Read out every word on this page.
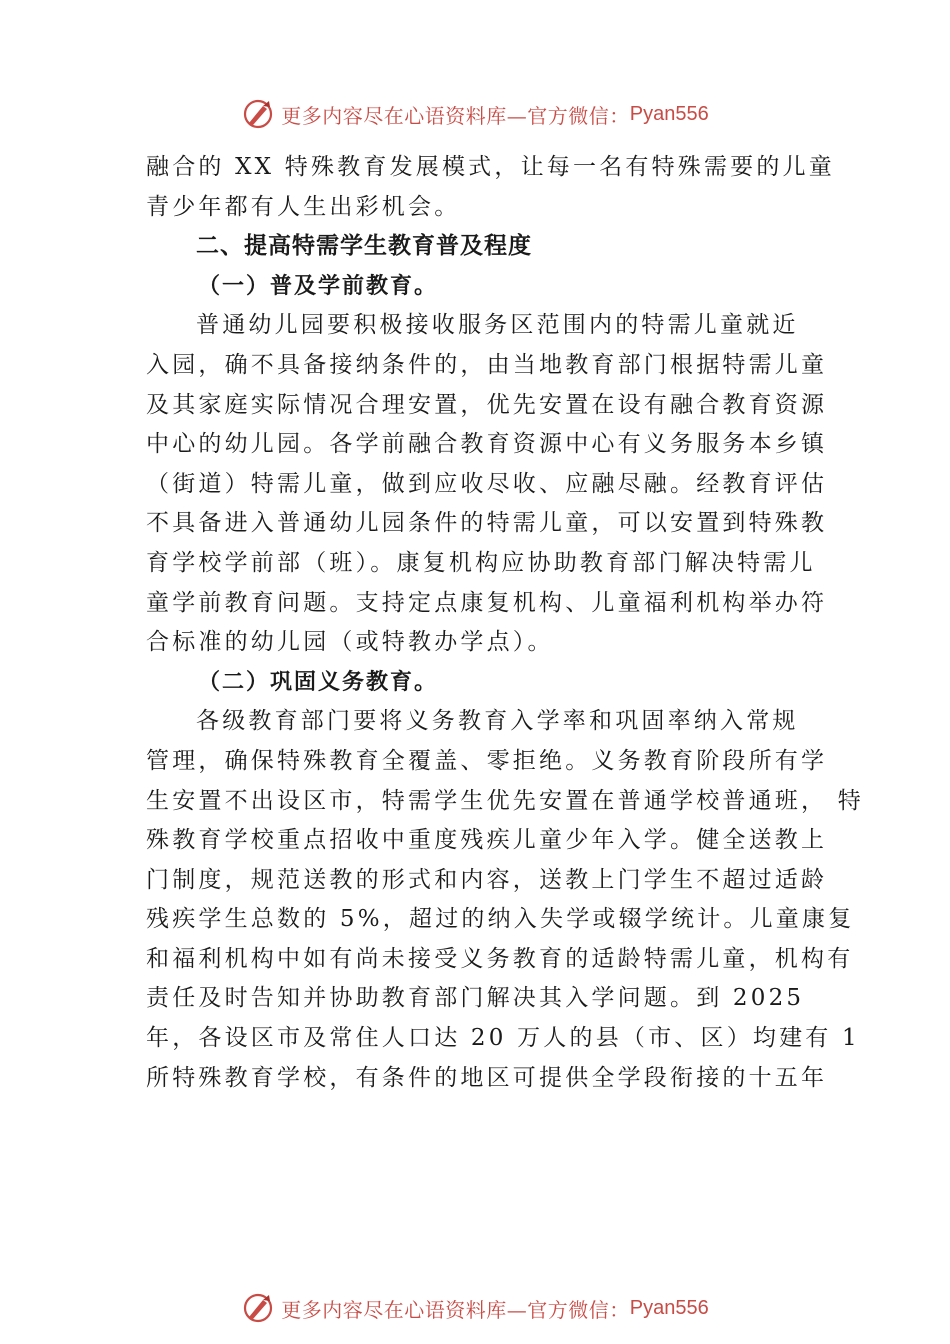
更多内容尽在心语资料库—官方微信： Pyan556
融合的 XX 特殊教育发展模式，让每一名有特殊需要的儿童
青少年都有人生出彩机会。
二、提高特需学生教育普及程度
（一）普及学前教育。
普通幼儿园要积极接收服务区范围内的特需儿童就近
入园，确不具备接纳条件的，由当地教育部门根据特需儿童
及其家庭实际情况合理安置，优先安置在设有融合教育资源
中心的幼儿园。各学前融合教育资源中心有义务服务本乡镇
（街道）特需儿童，做到应收尽收、应融尽融。经教育评估
不具备进入普通幼儿园条件的特需儿童，可以安置到特殊教
育学校学前部（班）。康复机构应协助教育部门解决特需儿
童学前教育问题。支持定点康复机构、儿童福利机构举办符
合标准的幼儿园（或特教办学点）。
（二）巩固义务教育。
各级教育部门要将义务教育入学率和巩固率纳入常规
管理，确保特殊教育全覆盖、零拒绝。义务教育阶段所有学
生安置不出设区市，特需学生优先安置在普通学校普通班， 特
殊教育学校重点招收中重度残疾儿童少年入学。健全送教上
门制度，规范送教的形式和内容，送教上门学生不超过适龄
残疾学生总数的 5%，超过的纳入失学或辍学统计。儿童康复
和福利机构中如有尚未接受义务教育的适龄特需儿童，机构有
责任及时告知并协助教育部门解决其入学问题。到 2025
年，各设区市及常住人口达 20 万人的县（市、区）均建有 1
所特殊教育学校，有条件的地区可提供全学段衔接的十五年
更多内容尽在心语资料库—官方微信： Pyan556
